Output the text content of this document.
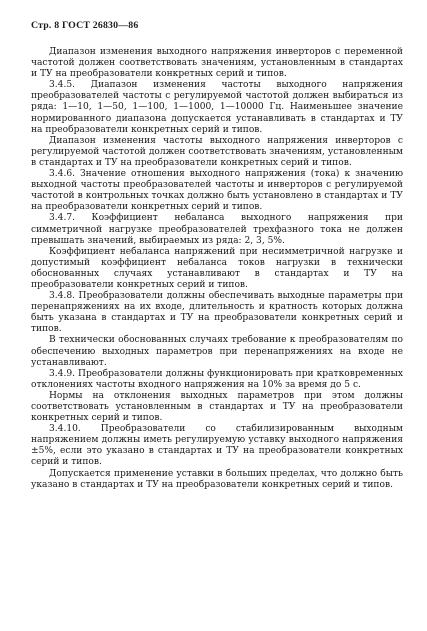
Стр. 8 ГОСТ 26830—86

Диапазон изменения выходного напряжения инверторов с переменной частотой должен соответствовать значениям, установленным в стандартах и ТУ на преобразователи конкретных серий и типов.

3.4.5. Диапазон изменения частоты выходного напряжения преобразователей частоты с регулируемой частотой должен выбираться из ряда: 1—10, 1—50, 1—100, 1—1000, 1—10000 Гц. Наименьшее значение нормированного диапазона допускается устанавливать в стандартах и ТУ на преобразователи конкретных серий и типов.

Диапазон изменения частоты выходного напряжения инверторов с регулируемой частотой должен соответствовать значениям, установленным в стандартах и ТУ на преобразователи конкретных серий и типов.

3.4.6. Значение отношения выходного напряжения (тока) к значению выходной частоты преобразователей частоты и инверторов с регулируемой частотой в контрольных точках должно быть установлено в стандартах и ТУ на преобразователи конкретных серий и типов.

3.4.7. Коэффициент небаланса выходного напряжения при симметричной нагрузке преобразователей трехфазного тока не должен превышать значений, выбираемых из ряда: 2, 3, 5%.

Коэффициент небаланса напряжений при несимметричной нагрузке и допустимый коэффициент небаланса токов нагрузки в технически обоснованных случаях устанавливают в стандартах и ТУ на преобразователи конкретных серий и типов.

3.4.8. Преобразователи должны обеспечивать выходные параметры при перенапряжениях на их входе, длительность и кратность которых должна быть указана в стандартах и ТУ на преобразователи конкретных серий и типов.

В технически обоснованных случаях требование к преобразователям по обеспечению выходных параметров при перенапряжениях на входе не устанавливают.

3.4.9. Преобразователи должны функционировать при кратковременных отклонениях частоты входного напряжения на 10% за время до 5 с.

Нормы на отклонения выходных параметров при этом должны соответствовать установленным в стандартах и ТУ на преобразователи конкретных серий и типов.

3.4.10. Преобразователи со стабилизированным выходным напряжением должны иметь регулируемую уставку выходного напряжения ±5%, если это указано в стандартах и ТУ на преобразователи конкретных серий и типов.

Допускается применение уставки в больших пределах, что должно быть указано в стандартах и ТУ на преобразователи конкретных серий и типов.
